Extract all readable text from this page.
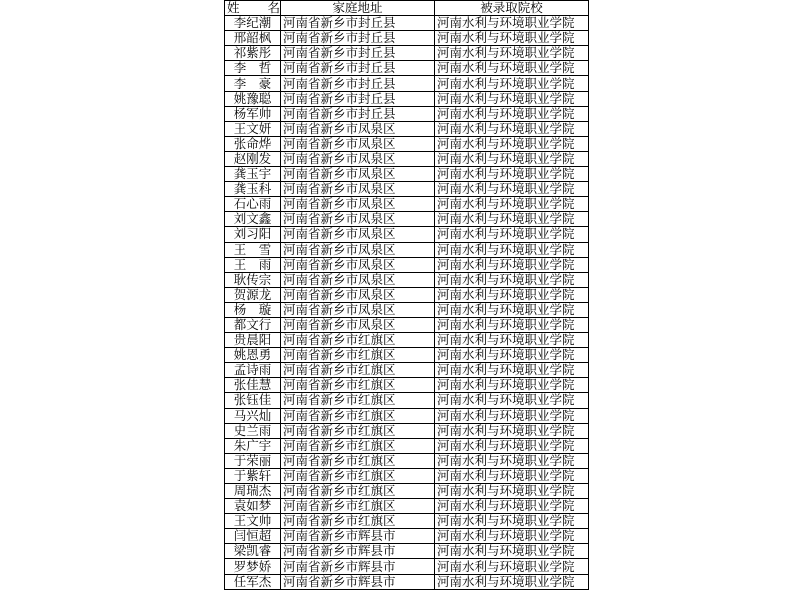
姓 名	家庭地址	被录取院校
李纪潮	河南省新乡市封丘县	河南水利与环境职业学院
邢韶枫	河南省新乡市封丘县	河南水利与环境职业学院
祁紫彤	河南省新乡市封丘县	河南水利与环境职业学院
李　哲	河南省新乡市封丘县	河南水利与环境职业学院
李　豪	河南省新乡市封丘县	河南水利与环境职业学院
姚豫聪	河南省新乡市封丘县	河南水利与环境职业学院
杨军帅	河南省新乡市封丘县	河南水利与环境职业学院
王文妍	河南省新乡市凤泉区	河南水利与环境职业学院
张命烨	河南省新乡市凤泉区	河南水利与环境职业学院
赵刚发	河南省新乡市凤泉区	河南水利与环境职业学院
龚玉宇	河南省新乡市凤泉区	河南水利与环境职业学院
龚玉科	河南省新乡市凤泉区	河南水利与环境职业学院
石心雨	河南省新乡市凤泉区	河南水利与环境职业学院
刘文鑫	河南省新乡市凤泉区	河南水利与环境职业学院
刘习阳	河南省新乡市凤泉区	河南水利与环境职业学院
王　雪	河南省新乡市凤泉区	河南水利与环境职业学院
王　雨	河南省新乡市凤泉区	河南水利与环境职业学院
耿传宗	河南省新乡市凤泉区	河南水利与环境职业学院
贺源龙	河南省新乡市凤泉区	河南水利与环境职业学院
杨　璇	河南省新乡市凤泉区	河南水利与环境职业学院
都文行	河南省新乡市凤泉区	河南水利与环境职业学院
贵晨阳	河南省新乡市红旗区	河南水利与环境职业学院
姚恩勇	河南省新乡市红旗区	河南水利与环境职业学院
孟诗雨	河南省新乡市红旗区	河南水利与环境职业学院
张佳慧	河南省新乡市红旗区	河南水利与环境职业学院
张钰佳	河南省新乡市红旗区	河南水利与环境职业学院
马兴灿	河南省新乡市红旗区	河南水利与环境职业学院
史兰雨	河南省新乡市红旗区	河南水利与环境职业学院
朱广宇	河南省新乡市红旗区	河南水利与环境职业学院
于荣丽	河南省新乡市红旗区	河南水利与环境职业学院
于紫轩	河南省新乡市红旗区	河南水利与环境职业学院
周瑞杰	河南省新乡市红旗区	河南水利与环境职业学院
袁如梦	河南省新乡市红旗区	河南水利与环境职业学院
王文帅	河南省新乡市红旗区	河南水利与环境职业学院
闫恒超	河南省新乡市辉县市	河南水利与环境职业学院
梁凯睿	河南省新乡市辉县市	河南水利与环境职业学院
罗梦娇	河南省新乡市辉县市	河南水利与环境职业学院
任军杰	河南省新乡市辉县市	河南水利与环境职业学院
